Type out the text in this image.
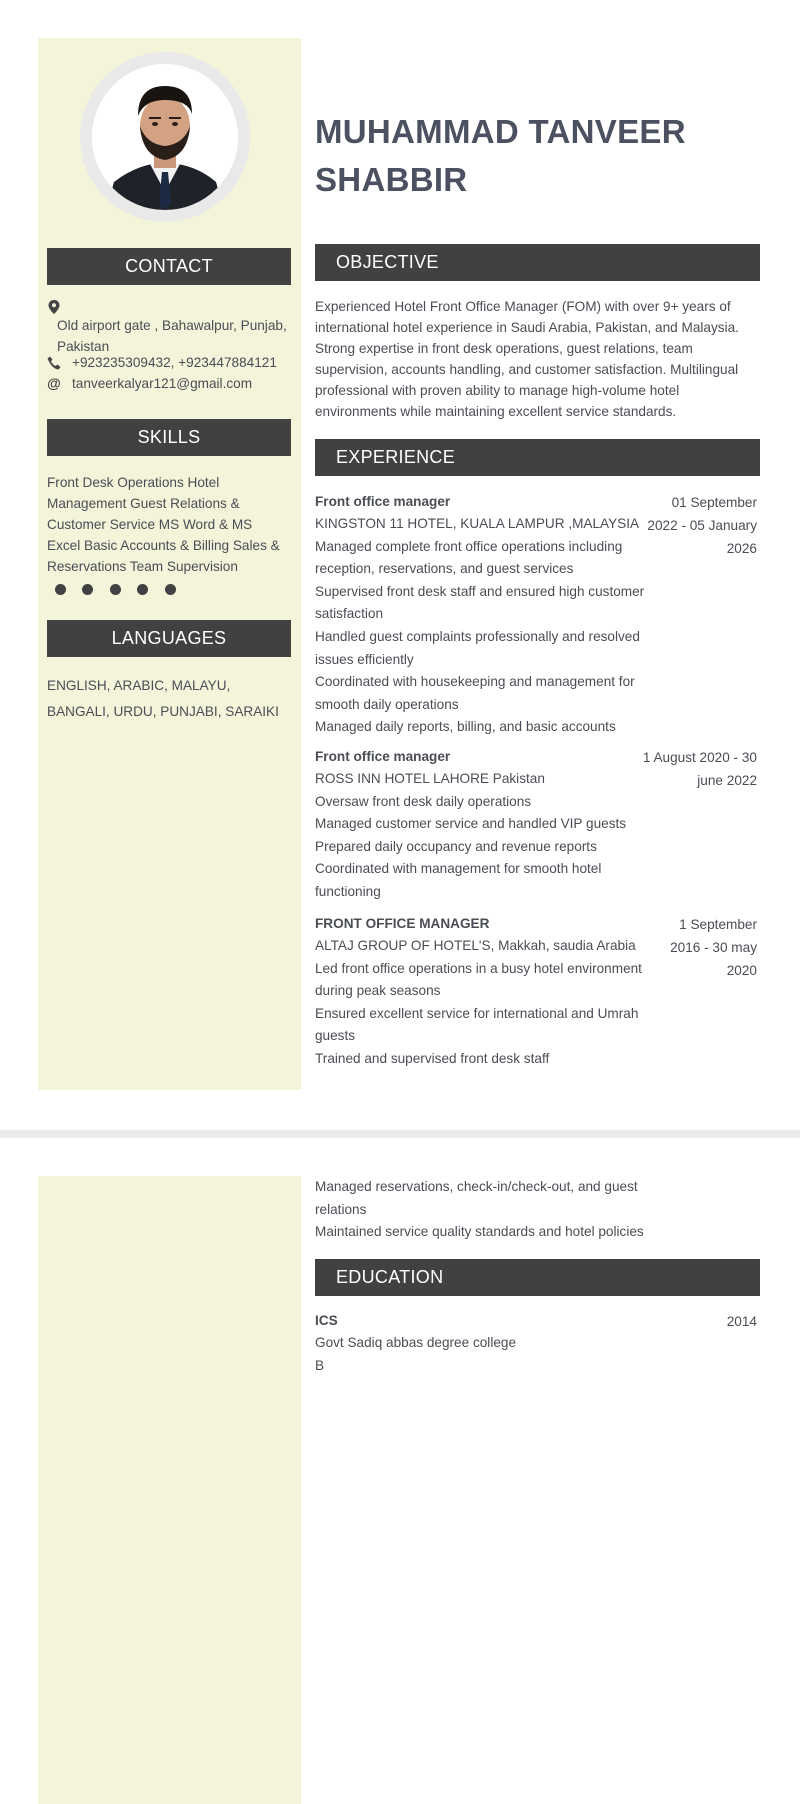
CONTACT
Old airport gate , Bahawalpur, Punjab, Pakistan
+923235309432, +923447884121
@ tanveerkalyar121@gmail.com
SKILLS
Front Desk Operations Hotel Management Guest Relations & Customer Service MS Word & MS Excel Basic Accounts & Billing Sales & Reservations Team Supervision
LANGUAGES
ENGLISH, ARABIC, MALAYU, BANGALI, URDU, PUNJABI, SARAIKI
MUHAMMAD TANVEER SHABBIR
OBJECTIVE
Experienced Hotel Front Office Manager (FOM) with over 9+ years of international hotel experience in Saudi Arabia, Pakistan, and Malaysia. Strong expertise in front desk operations, guest relations, team supervision, accounts handling, and customer satisfaction. Multilingual professional with proven ability to manage high-volume hotel environments while maintaining excellent service standards.
EXPERIENCE
Front office manager	01 September 2022 - 05 January 2026
KINGSTON 11 HOTEL, KUALA LAMPUR ,MALAYSIA
Managed complete front office operations including reception, reservations, and guest services
Supervised front desk staff and ensured high customer satisfaction
Handled guest complaints professionally and resolved issues efficiently
Coordinated with housekeeping and management for smooth daily operations
Managed daily reports, billing, and basic accounts
Front office manager	1 August 2020 - 30 june 2022
ROSS INN HOTEL LAHORE Pakistan
Oversaw front desk daily operations
Managed customer service and handled VIP guests
Prepared daily occupancy and revenue reports
Coordinated with management for smooth hotel functioning
FRONT OFFICE MANAGER	1 September 2016 - 30 may 2020
ALTAJ GROUP OF HOTEL'S, Makkah, saudia Arabia
Led front office operations in a busy hotel environment during peak seasons
Ensured excellent service for international and Umrah guests
Trained and supervised front desk staff
Managed reservations, check-in/check-out, and guest relations
Maintained service quality standards and hotel policies
EDUCATION
ICS	2014
Govt Sadiq abbas degree college
B
